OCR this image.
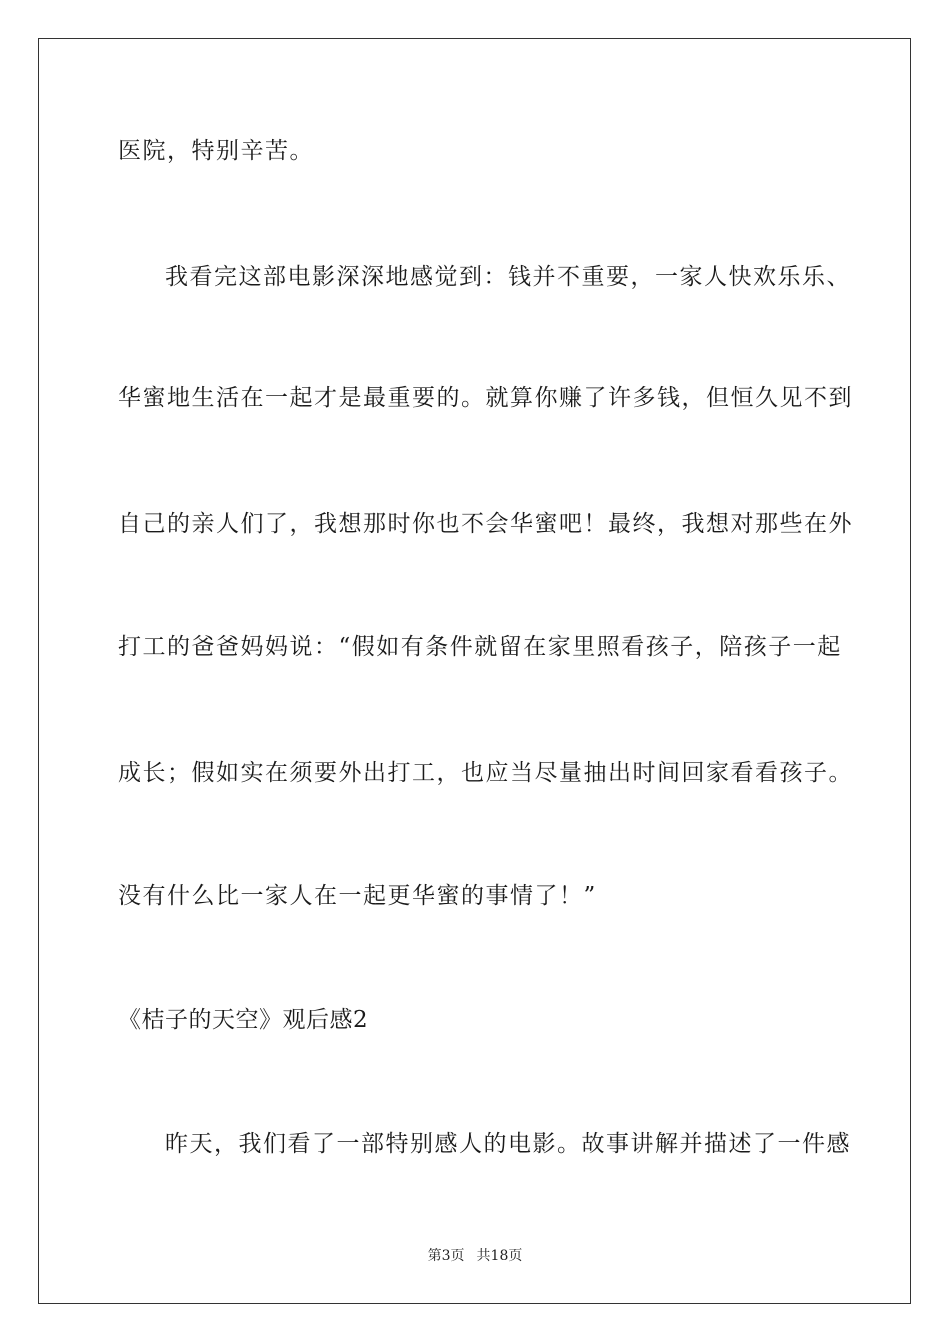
医院，特别辛苦。
我看完这部电影深深地感觉到：钱并不重要，一家人快欢乐乐、
华蜜地生活在一起才是最重要的。就算你赚了许多钱，但恒久见不到
自己的亲人们了，我想那时你也不会华蜜吧！最终，我想对那些在外
打工的爸爸妈妈说：“假如有条件就留在家里照看孩子，陪孩子一起
成长；假如实在须要外出打工，也应当尽量抽出时间回家看看孩子。
没有什么比一家人在一起更华蜜的事情了！”
《桔子的天空》观后感2
昨天，我们看了一部特别感人的电影。故事讲解并描述了一件感
第3页 共18页
